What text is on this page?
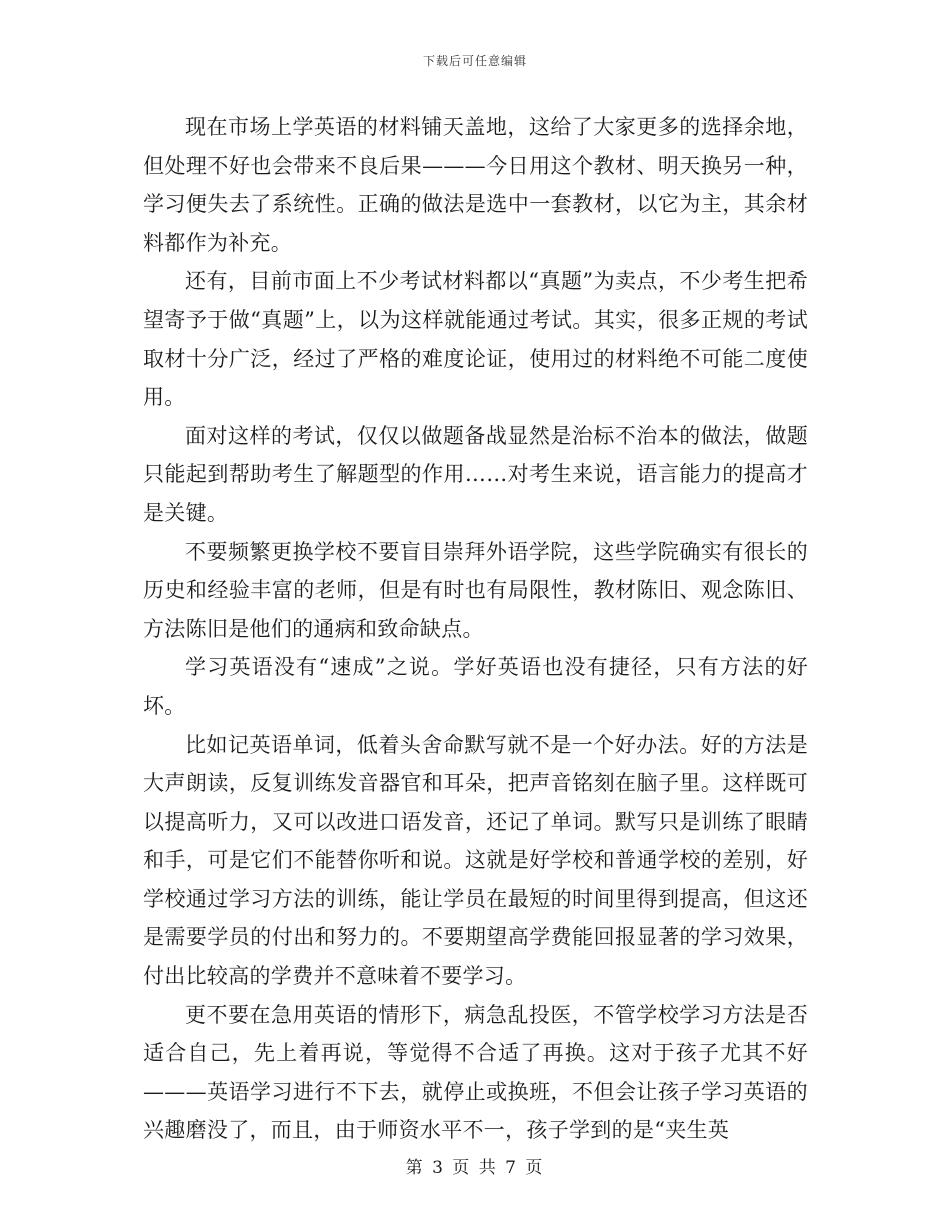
下载后可任意编辑

现在市场上学英语的材料铺天盖地，这给了大家更多的选择余地，但处理不好也会带来不良后果———今日用这个教材、明天换另一种，学习便失去了系统性。正确的做法是选中一套教材，以它为主，其余材料都作为补充。

还有，目前市面上不少考试材料都以“真题”为卖点，不少考生把希望寄予于做“真题”上，以为这样就能通过考试。其实，很多正规的考试取材十分广泛，经过了严格的难度论证，使用过的材料绝不可能二度使用。

面对这样的考试，仅仅以做题备战显然是治标不治本的做法，做题只能起到帮助考生了解题型的作用……对考生来说，语言能力的提高才是关键。

不要频繁更换学校不要盲目崇拜外语学院，这些学院确实有很长的历史和经验丰富的老师，但是有时也有局限性，教材陈旧、观念陈旧、方法陈旧是他们的通病和致命缺点。

学习英语没有“速成”之说。学好英语也没有捷径，只有方法的好坏。

比如记英语单词，低着头舍命默写就不是一个好办法。好的方法是大声朗读，反复训练发音器官和耳朵，把声音铭刻在脑子里。这样既可以提高听力，又可以改进口语发音，还记了单词。默写只是训练了眼睛和手，可是它们不能替你听和说。这就是好学校和普通学校的差别，好学校通过学习方法的训练，能让学员在最短的时间里得到提高，但这还是需要学员的付出和努力的。不要期望高学费能回报显著的学习效果，付出比较高的学费并不意味着不要学习。

更不要在急用英语的情形下，病急乱投医，不管学校学习方法是否适合自己，先上着再说，等觉得不合适了再换。这对于孩子尤其不好———英语学习进行不下去，就停止或换班，不但会让孩子学习英语的兴趣磨没了，而且，由于师资水平不一，孩子学到的是“夹生英

第 3 页 共 7 页
